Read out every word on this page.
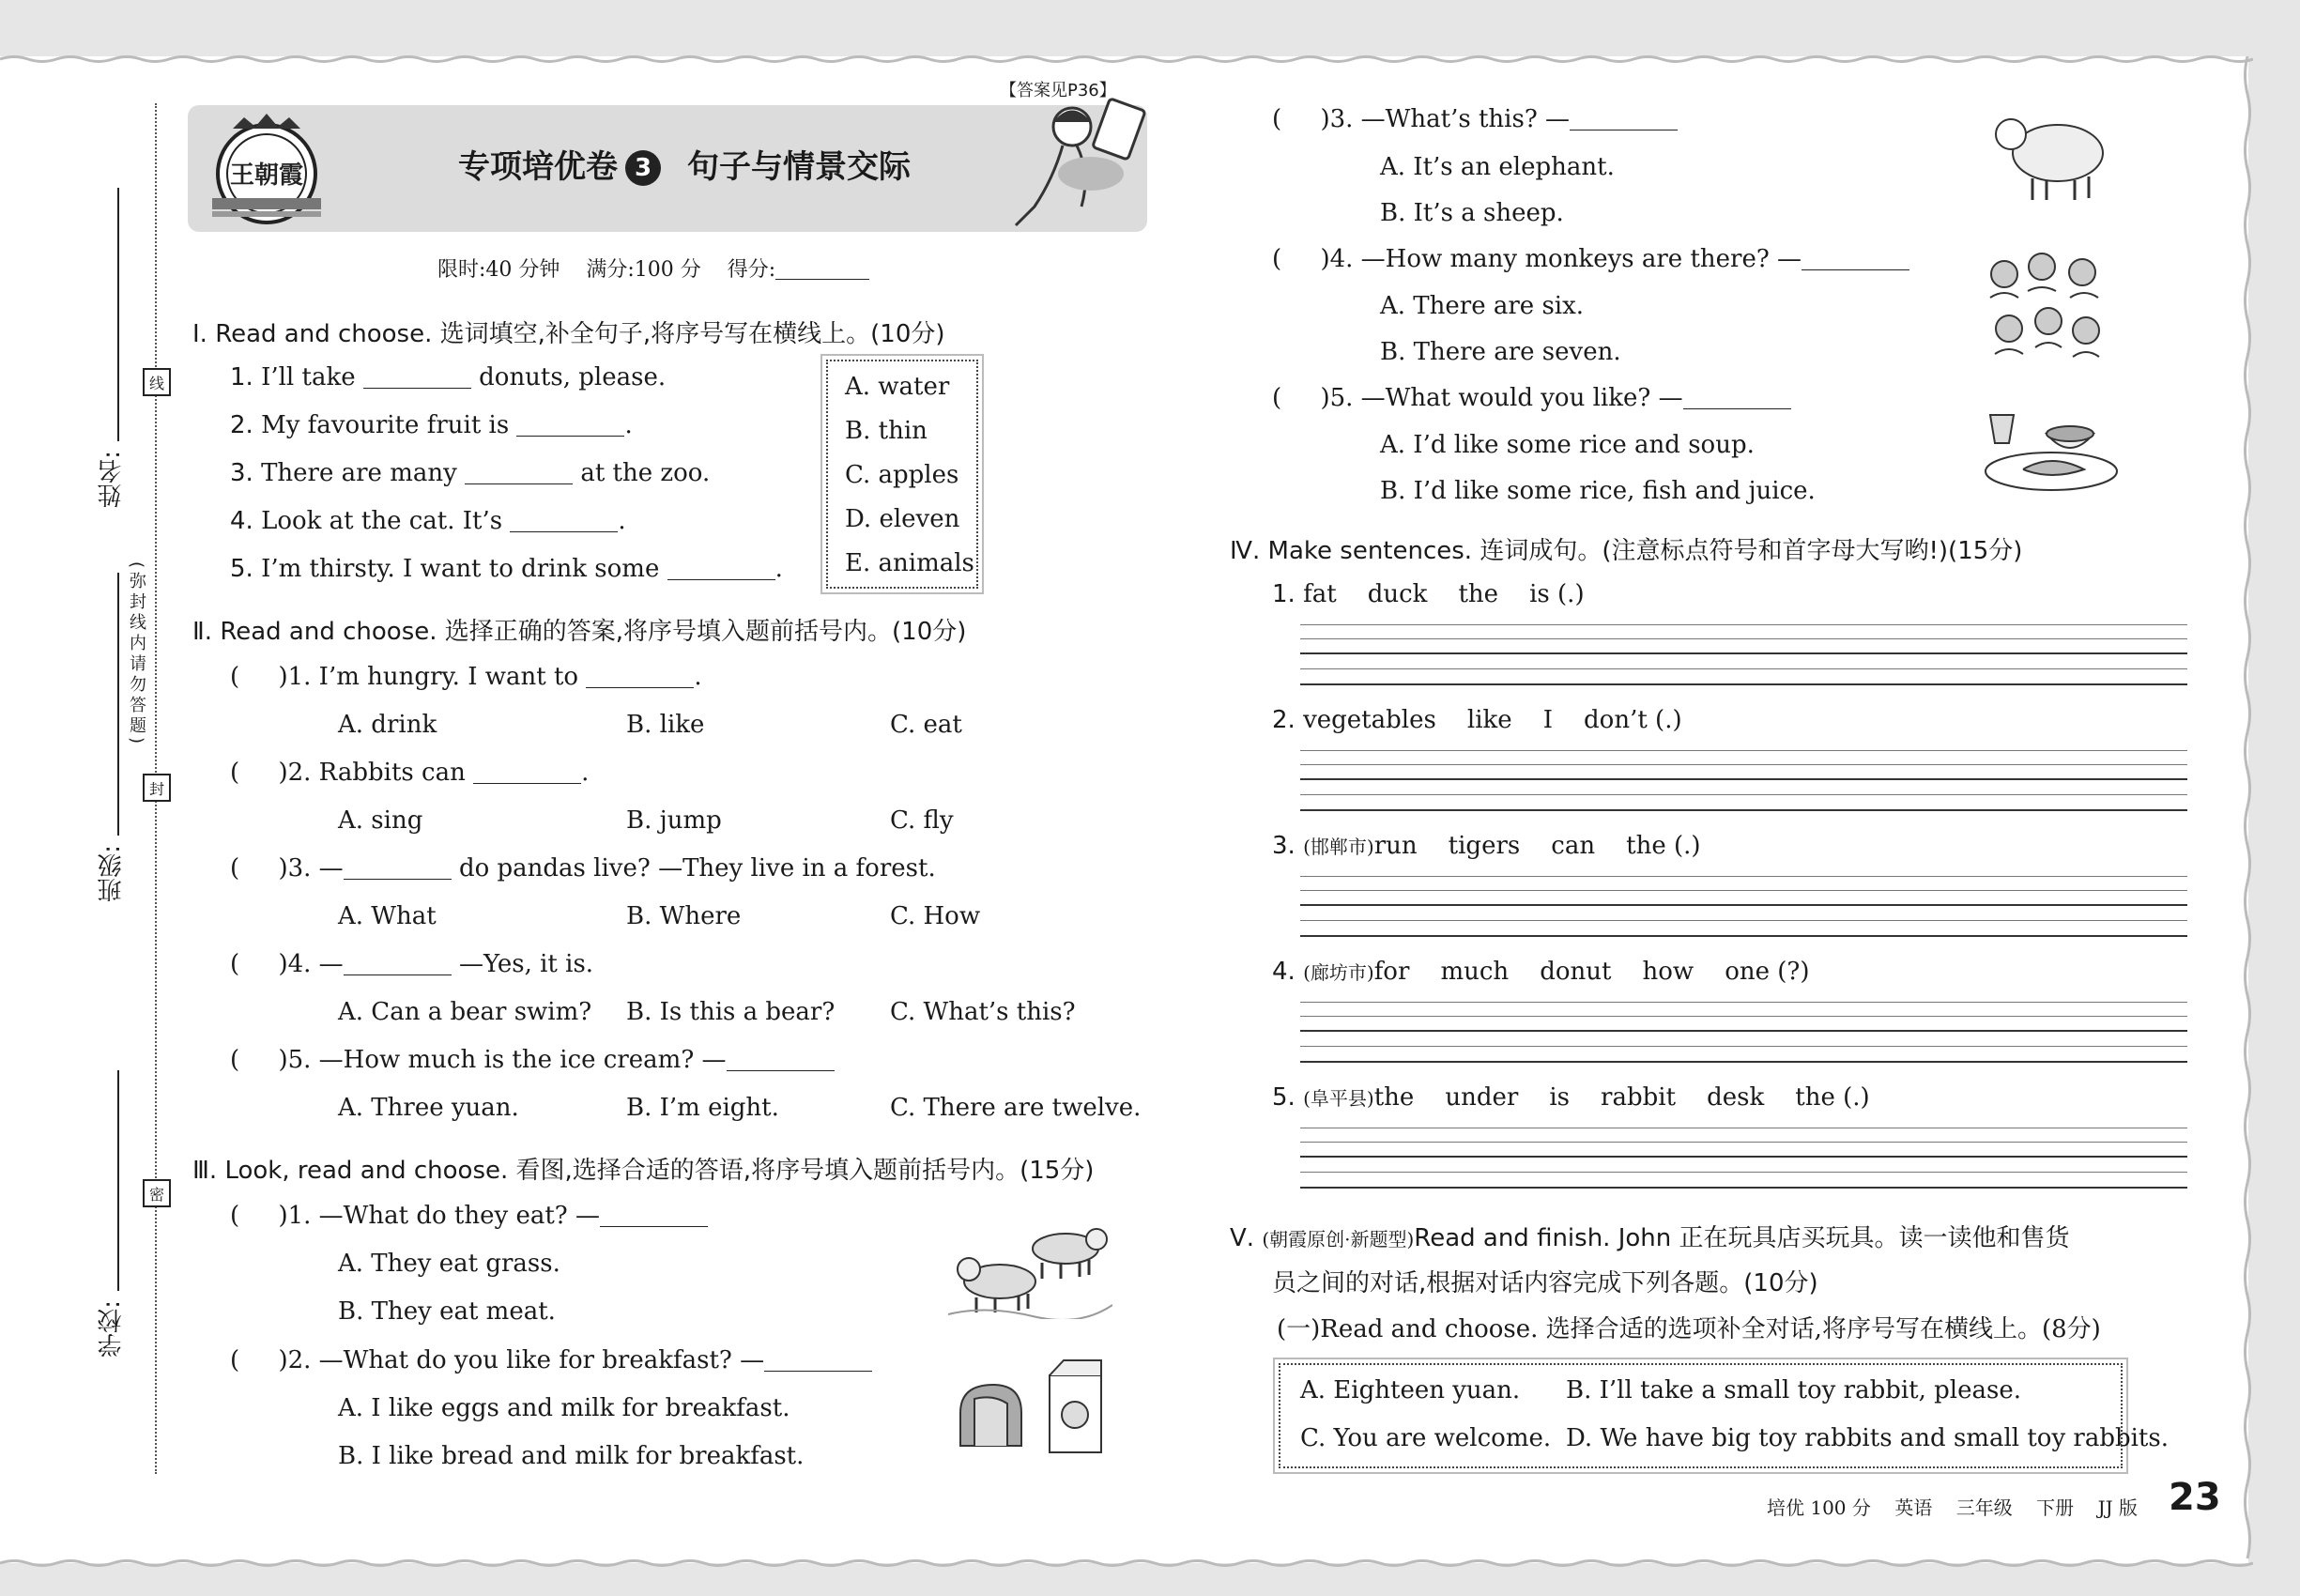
姓名:
班级:
学校:
线
封
密
(弥封线内请勿答题)
王朝霞
【答案见P36】
专项培优卷 3 句子与情景交际
限时:40 分钟    满分:100 分    得分:
Ⅰ. Read and choose. 选词填空,补全句子,将序号写在横线上。(10分)
1. I’ll take	donuts, please.
2. My favourite fruit is	.
3. There are many	at the zoo.
4. Look at the cat. It’s	.
5. I’m thirsty. I want to drink some	.
A. water
B. thin
C. apples
D. eleven
E. animals
Ⅱ. Read and choose. 选择正确的答案,将序号填入题前括号内。(10分)
(     )1. I’m hungry. I want to	.
A. drink	B. like	C. eat
(     )2. Rabbits can	.
A. sing	B. jump	C. fly
(     )3. —	do pandas live? —They live in a forest.
A. What	B. Where	C. How
(     )4. —	—Yes, it is.
A. Can a bear swim? B. Is this a bear? C. What’s this?
(     )5. —How much is the ice cream? —
A. Three yuan.	B. I’m eight.	C. There are twelve.
Ⅲ. Look, read and choose. 看图,选择合适的答语,将序号填入题前括号内。(15分)
(     )1. —What do they eat? —
A. They eat grass.
B. They eat meat.
(     )2. —What do you like for breakfast? —
A. I like eggs and milk for breakfast.
B. I like bread and milk for breakfast.
(     )3. —What’s this? —
A. It’s an elephant.
B. It’s a sheep.
(     )4. —How many monkeys are there? —
A. There are six.
B. There are seven.
(     )5. —What would you like? —
A. I’d like some rice and soup.
B. I’d like some rice, fish and juice.
Ⅳ. Make sentences. 连词成句。(注意标点符号和首字母大写哟!)(15分)
1. fat    duck    the    is (.)
2. vegetables    like    I    don’t (.)
3. (邯郸市)run    tigers    can    the (.)
4. (廊坊市)for    much    donut    how    one (?)
5. (阜平县)the    under    is    rabbit    desk    the (.)
Ⅴ. (朝霞原创·新题型)Read and finish. John 正在玩具店买玩具。读一读他和售货
员之间的对话,根据对话内容完成下列各题。(10分)
(一)Read and choose. 选择合适的选项补全对话,将序号写在横线上。(8分)
A. Eighteen yuan. B. I’ll take a small toy rabbit, please.
C. You are welcome. D. We have big toy rabbits and small toy rabbits.
培优 100 分    英语    三年级    下册    JJ 版 23
